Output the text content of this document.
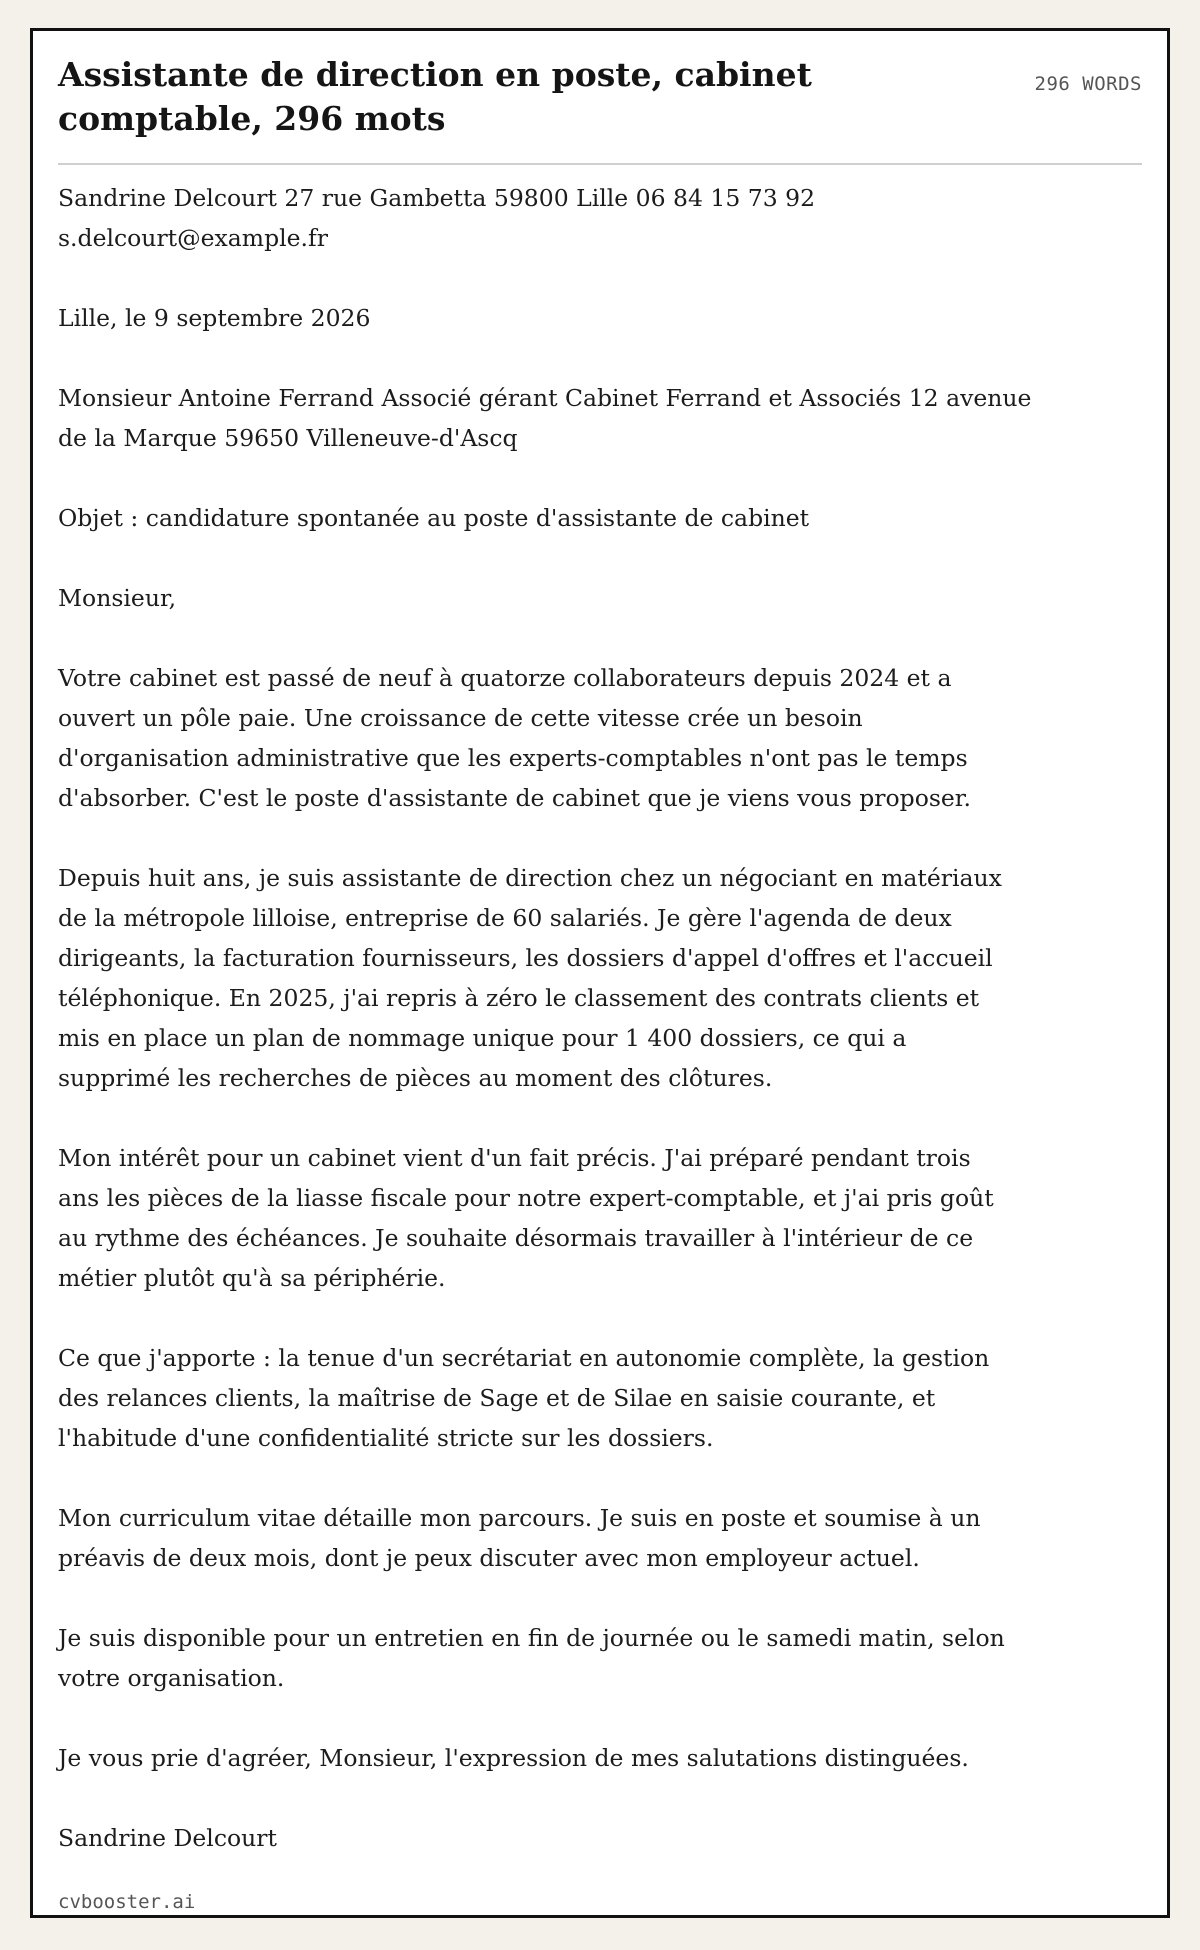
Assistante de direction en poste, cabinet comptable, 296 mots
296 WORDS

Sandrine Delcourt 27 rue Gambetta 59800 Lille 06 84 15 73 92 s.delcourt@example.fr

Lille, le 9 septembre 2026

Monsieur Antoine Ferrand Associé gérant Cabinet Ferrand et Associés 12 avenue de la Marque 59650 Villeneuve-d'Ascq

Objet : candidature spontanée au poste d'assistante de cabinet

Monsieur,

Votre cabinet est passé de neuf à quatorze collaborateurs depuis 2024 et a ouvert un pôle paie. Une croissance de cette vitesse crée un besoin d'organisation administrative que les experts-comptables n'ont pas le temps d'absorber. C'est le poste d'assistante de cabinet que je viens vous proposer.

Depuis huit ans, je suis assistante de direction chez un négociant en matériaux de la métropole lilloise, entreprise de 60 salariés. Je gère l'agenda de deux dirigeants, la facturation fournisseurs, les dossiers d'appel d'offres et l'accueil téléphonique. En 2025, j'ai repris à zéro le classement des contrats clients et mis en place un plan de nommage unique pour 1 400 dossiers, ce qui a supprimé les recherches de pièces au moment des clôtures.

Mon intérêt pour un cabinet vient d'un fait précis. J'ai préparé pendant trois ans les pièces de la liasse fiscale pour notre expert-comptable, et j'ai pris goût au rythme des échéances. Je souhaite désormais travailler à l'intérieur de ce métier plutôt qu'à sa périphérie.

Ce que j'apporte : la tenue d'un secrétariat en autonomie complète, la gestion des relances clients, la maîtrise de Sage et de Silae en saisie courante, et l'habitude d'une confidentialité stricte sur les dossiers.

Mon curriculum vitae détaille mon parcours. Je suis en poste et soumise à un préavis de deux mois, dont je peux discuter avec mon employeur actuel.

Je suis disponible pour un entretien en fin de journée ou le samedi matin, selon votre organisation.

Je vous prie d'agréer, Monsieur, l'expression de mes salutations distinguées.

Sandrine Delcourt

cvbooster.ai
